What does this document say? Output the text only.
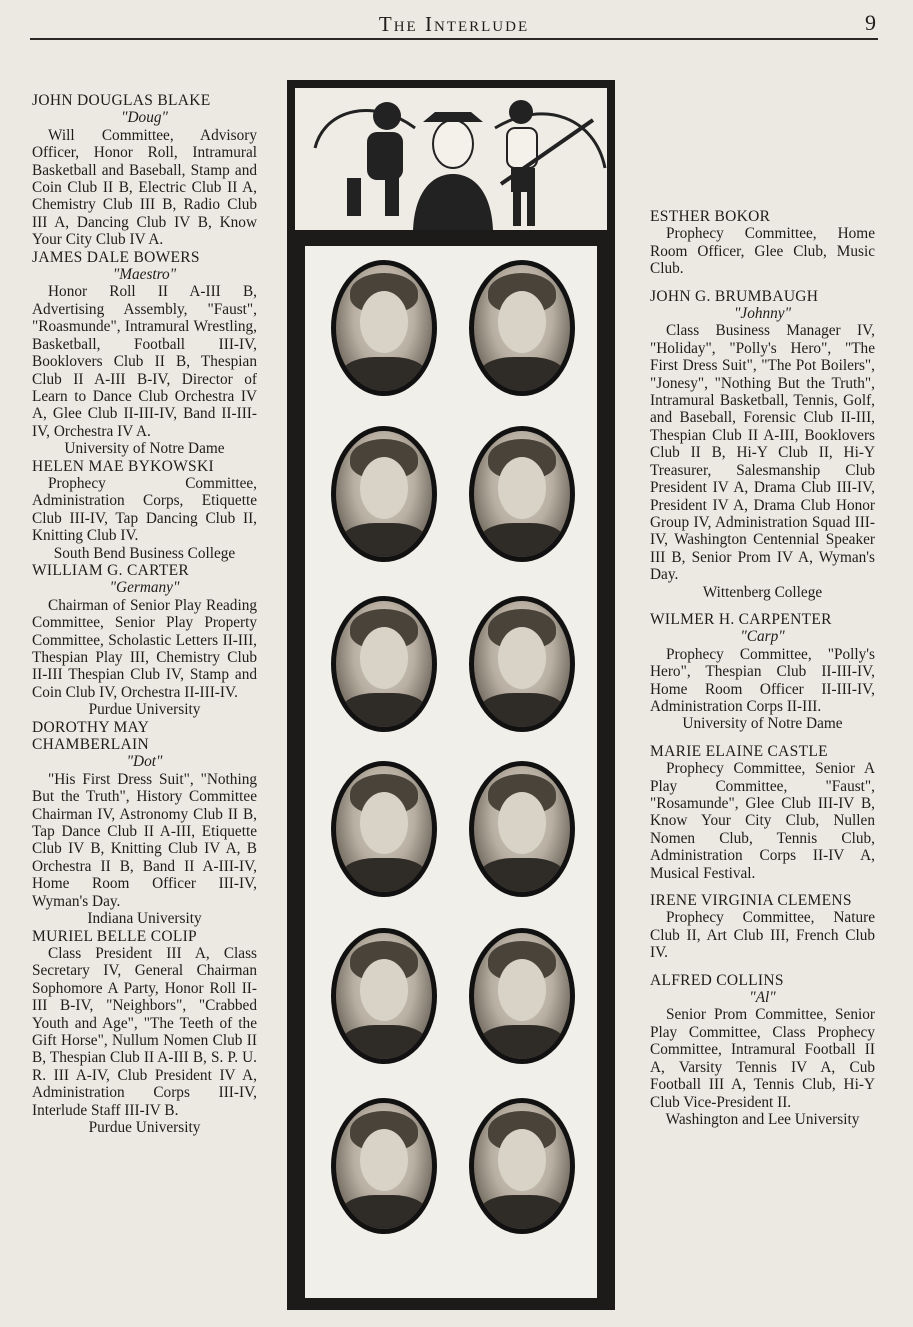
The Interlude	9
JOHN DOUGLAS BLAKE
"Doug"
Will Committee, Advisory Officer, Honor Roll, Intramural Basketball and Baseball, Stamp and Coin Club II B, Electric Club II A, Chemistry Club III B, Radio Club III A, Dancing Club IV B, Know Your City Club IV A.
JAMES DALE BOWERS
"Maestro"
Honor Roll II A-III B, Advertising Assembly, "Faust", "Roasmunde", Intramural Wrestling, Basketball, Football III-IV, Booklovers Club II B, Thespian Club II A-III B-IV, Director of Learn to Dance Club Orchestra IV A, Glee Club II-III-IV, Band II-III-IV, Orchestra IV A.
University of Notre Dame
HELEN MAE BYKOWSKI
Prophecy Committee, Administration Corps, Etiquette Club III-IV, Tap Dancing Club II, Knitting Club IV.
South Bend Business College
WILLIAM G. CARTER
"Germany"
Chairman of Senior Play Reading Committee, Senior Play Property Committee, Scholastic Letters II-III, Thespian Play III, Chemistry Club II-III Thespian Club IV, Stamp and Coin Club IV, Orchestra II-III-IV.
Purdue University
DOROTHY MAY CHAMBERLAIN
"Dot"
"His First Dress Suit", "Nothing But the Truth", History Committee Chairman IV, Astronomy Club II B, Tap Dance Club II A-III, Etiquette Club IV B, Knitting Club IV A, B Orchestra II B, Band II A-III-IV, Home Room Officer III-IV, Wyman's Day.
Indiana University
MURIEL BELLE COLIP
Class President III A, Class Secretary IV, General Chairman Sophomore A Party, Honor Roll II-III B-IV, "Neighbors", "Crabbed Youth and Age", "The Teeth of the Gift Horse", Nullum Nomen Club II B, Thespian Club II A-III B, S. P. U. R. III A-IV, Club President IV A, Administration Corps III-IV, Interlude Staff III-IV B.
Purdue University
ESTHER BOKOR
Prophecy Committee, Home Room Officer, Glee Club, Music Club.
JOHN G. BRUMBAUGH
"Johnny"
Class Business Manager IV, "Holiday", "Polly's Hero", "The First Dress Suit", "The Pot Boilers", "Jonesy", "Nothing But the Truth", Intramural Basketball, Tennis, Golf, and Baseball, Forensic Club II-III, Thespian Club II A-III, Booklovers Club II B, Hi-Y Club II, Hi-Y Treasurer, Salesmanship Club President IV A, Drama Club III-IV, President IV A, Drama Club Honor Group IV, Administration Squad III-IV, Washington Centennial Speaker III B, Senior Prom IV A, Wyman's Day.
Wittenberg College
WILMER H. CARPENTER
"Carp"
Prophecy Committee, "Polly's Hero", Thespian Club II-III-IV, Home Room Officer II-III-IV, Administration Corps II-III.
University of Notre Dame
MARIE ELAINE CASTLE
Prophecy Committee, Senior A Play Committee, "Faust", "Rosamunde", Glee Club III-IV B, Know Your City Club, Nullen Nomen Club, Tennis Club, Administration Corps II-IV A, Musical Festival.
IRENE VIRGINIA CLEMENS
Prophecy Committee, Nature Club II, Art Club III, French Club IV.
ALFRED COLLINS
"Al"
Senior Prom Committee, Senior Play Committee, Class Prophecy Committee, Intramural Football II A, Varsity Tennis IV A, Cub Football III A, Tennis Club, Hi-Y Club Vice-President II.
Washington and Lee University
